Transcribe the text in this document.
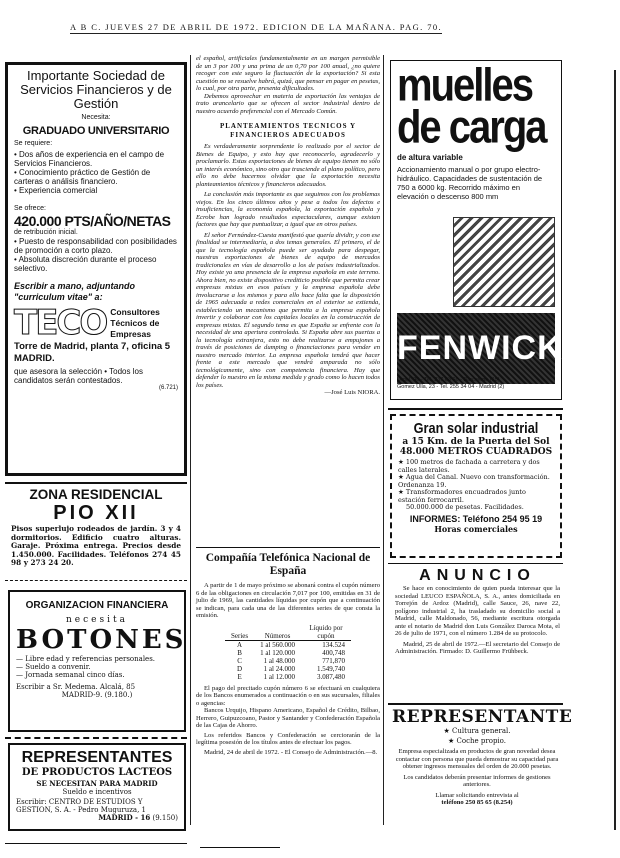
A B C. JUEVES 27 DE ABRIL DE 1972. EDICION DE LA MAÑANA. PAG. 70.
Importante Sociedad de Servicios Financieros y de Gestión
Necesita:
GRADUADO UNIVERSITARIO
Se requiere:
• Dos años de experiencia en el campo de Servicios Financieros.
• Conocimiento práctico de Gestión de carteras o análisis financiero.
• Experiencia comercial
Se ofrece:
420.000 PTS/AÑO/NETAS
de retribución inicial.
• Puesto de responsabilidad con posibilidades de promoción a corto plazo.
• Absoluta discreción durante el proceso selectivo.
Escribir a mano, adjuntando "curriculum vitae" a:
TECO Consultores Técnicos de Empresas
Torre de Madrid, planta 7, oficina 5 MADRID.
que asesora la selección • Todos los candidatos serán contestados.
(6.721)
ZONA RESIDENCIAL
PIO XII
Pisos superlujo rodeados de jardín. 3 y 4 dormitorios. Edificio cuatro alturas. Garaje. Próxima entrega. Precios desde 1.450.000. Facilidades. Teléfonos 274 45 98 y 273 24 20.
ORGANIZACION FINANCIERA
necesita
BOTONES
— Libre edad y referencias personales.
— Sueldo a convenir.
— Jornada semanal cinco días.
Escribir a Sr. Medema. Alcalá, 85
MADRID-9. (9.180.)
REPRESENTANTES
DE PRODUCTOS LACTEOS
SE NECESITAN PARA MADRID
Sueldo e incentivos
Escribir: CENTRO DE ESTUDIOS Y GESTION, S. A. - Pedro Muguruza, 1
MADRID - 16 (9.150)

el español, artificiales fundamentalmente en un margen permisible de un 3 por 100 y una prima de un 0,70 por 100 anual, ¿no quiere recoger con este seguro la fluctuación de la exportación? Si esta cuestión no se resuelve habrá, quizá, que pensar en pagar en pesetas, lo cual, por otra parte, presenta dificultades.

Debemos aprovechar en materia de exportación las ventajas de trato arancelario que se ofrecen al sector industrial dentro de nuestro acuerdo preferencial con el Mercado Común.

PLANTEAMIENTOS TECNICOS Y FINANCIEROS ADECUADOS

Es verdaderamente sorprendente lo realizado por el sector de Bienes de Equipo, y esto hay que reconocerlo, agradecerlo y proclamarlo. Estas exportaciones de bienes de equipo tienen no sólo un interés económico, sino otro que trasciende al plano político, pero ello no debe hacernos olvidar que la exportación necesita planteamientos técnicos y financieros adecuados.

La conclusión más importante es que seguimos con los problemas viejos. En los cinco últimos años y pese a todos los defectos e insuficiencias, la economía española, la exportación española y Ecrobe han logrado resultados espectaculares, aunque existan factores que hay que puntualizar, a igual que en otros países.

El señor Fernández-Cuesta manifestó que quería dividir, y con ese finalidad se intermediaría, a dos temas generales. El primero, el de que la tecnología española puede ser ayudada para despegar, nuestras exportaciones de bienes de equipo de mercados tradicionales en vías de desarrollo a los de países industrializados. Hoy existe ya una presencia de la empresa española en este terreno. Ahora bien, no existe dispositivo crediticio posible que permita crear empresas mixtas en esos países y la empresa española debe involucrarse a los mismos y para ello hace falta que la disposición de 1965 adecuada a redes comerciales en el exterior se extienda, estableciendo un mecanismo que permita a la empresa española invertir y colaborar con los capitales locales en la construcción de empresas mixtas. El segundo tema es que España se enfrente con la necesidad de una apertura controlada. Si España abre sus puertas a la tecnología extranjera, esto no debe realizarse a empujones a través de posiciones de dumping o financiaciones para vender en nuestro mercado interior. La empresa española tendrá que hacer frente a este mercado que vendrá amparada no sólo tecnológicamente, sino con competencia financiera. Hay que defender lo nuestro en la misma medida y grado como lo hacen todos los países.

—José Luis NIORA.

Compañía Telefónica Nacional de España

A partir de 1 de mayo próximo se abonará contra el cupón número 6 de las obligaciones en circulación 7,017 por 100, emitidas en 31 de julio de 1969, las cantidades líquidas por cupón que a continuación se indican, para cada una de las diferentes series de que consta la emisión.

Series	Números	Líquido por cupón
A	1 al 560.000	134.524
B	1 al 120.000	400,748
C	1 al 48.000	771,870
D	1 al 24.000	1.549,740
E	1 al 12.000	3.087,480

El pago del precitado cupón número 6 se efectuará en cualquiera de los Bancos enumerados a continuación o en sus sucursales, filiales o agencias:

Bancos Urquijo, Hispano Americano, Español de Crédito, Bilbao, Herrero, Guipuzcoano, Pastor y Santander y Confederación Española de las Cajas de Ahorro.

Los referidos Bancos y Confederación se cerciorarán de la legítima posesión de los títulos antes de efectuar los pagos.

Madrid, 24 de abril de 1972. - El Consejo de Administración.—8.

muelles
de carga
de altura variable
Accionamiento manual o por grupo electro-hidráulico. Capacidades de sustentación de 750 a 6000 kg. Recorrido máximo en elevación o descenso 800 mm
FENWICK
Urgel, 96 - Tel. 237 63 60 - Barcelona (15)
Gomez Ulla, 23 - Tel. 255 34 04 - Madrid (2)
Gran solar industrial
a 15 Km. de la Puerta del Sol
48.000 METROS CUADRADOS
★ 100 metros de fachada a carretera y dos calles laterales.
★ Agua del Canal. Nuevo con transformación. Ordenanza 19.
★ Transformadores encuadrados junto estación ferrocarril.
50.000.000 de pesetas. Facilidades.
INFORMES: Teléfono 254 95 19
Horas comerciales
ANUNCIO

Se hace en conocimiento de quien pueda interesar que la sociedad LEUCO ESPAÑOLA, S. A., antes domiciliada en Torrejón de Ardoz (Madrid), calle Sauce, 26, nave 22, polígono industrial 2, ha trasladado su domicilio social a Madrid, calle Maldonado, 56, mediante escritura otorgada ante el notario de Madrid don Luis González Daroca Mota, el 26 de julio de 1971, con el número 1.284 de su protocolo.

Madrid, 25 de abril de 1972.—El secretario del Consejo de Administración. Firmado: D. Guillermo Frühbeck.

REPRESENTANTE
★ Cultura general.
★ Coche propio.

Empresa especializada en productos de gran novedad desea contactar con persona que pueda demostrar su capacidad para obtener ingresos mensuales del orden de 20.000 pesetas.

Los candidatos deberán presentar informes de gestiones anteriores.

Llamar solicitando entrevista al

teléfono 250 85 65 (8.254)
